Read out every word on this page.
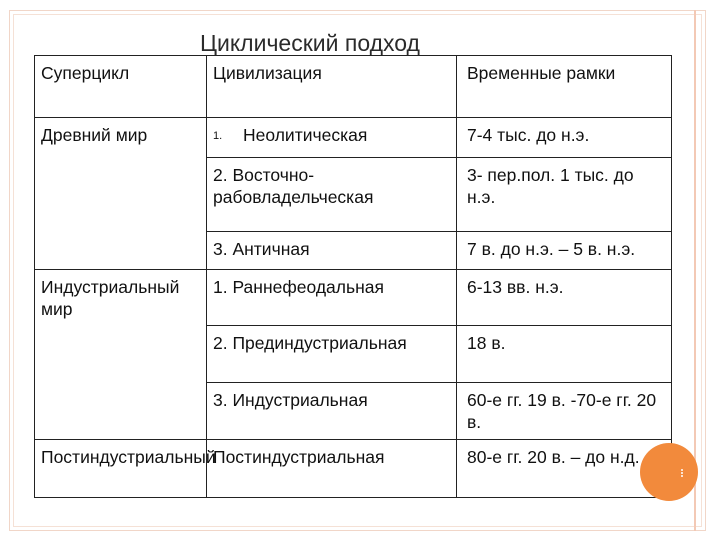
Циклический подход
Суперцикл	Цивилизация	Временные рамки
Древний мир	1. Неолитическая	7-4 тыс. до н.э.
	2. Восточно-рабовладельческая	3- пер.пол. 1 тыс. до н.э.
	3. Античная	7 в. до н.э. – 5 в. н.э.
Индустриальный мир	1. Раннефеодальная	6-13 вв. н.э.
	2. Прединдустриальная	18 в.
	3. Индустриальная	60-е гг. 19 в. -70-е гг. 20 в.
Постиндустриальный	Постиндустриальная	80-е гг. 20 в. – до н.д.
